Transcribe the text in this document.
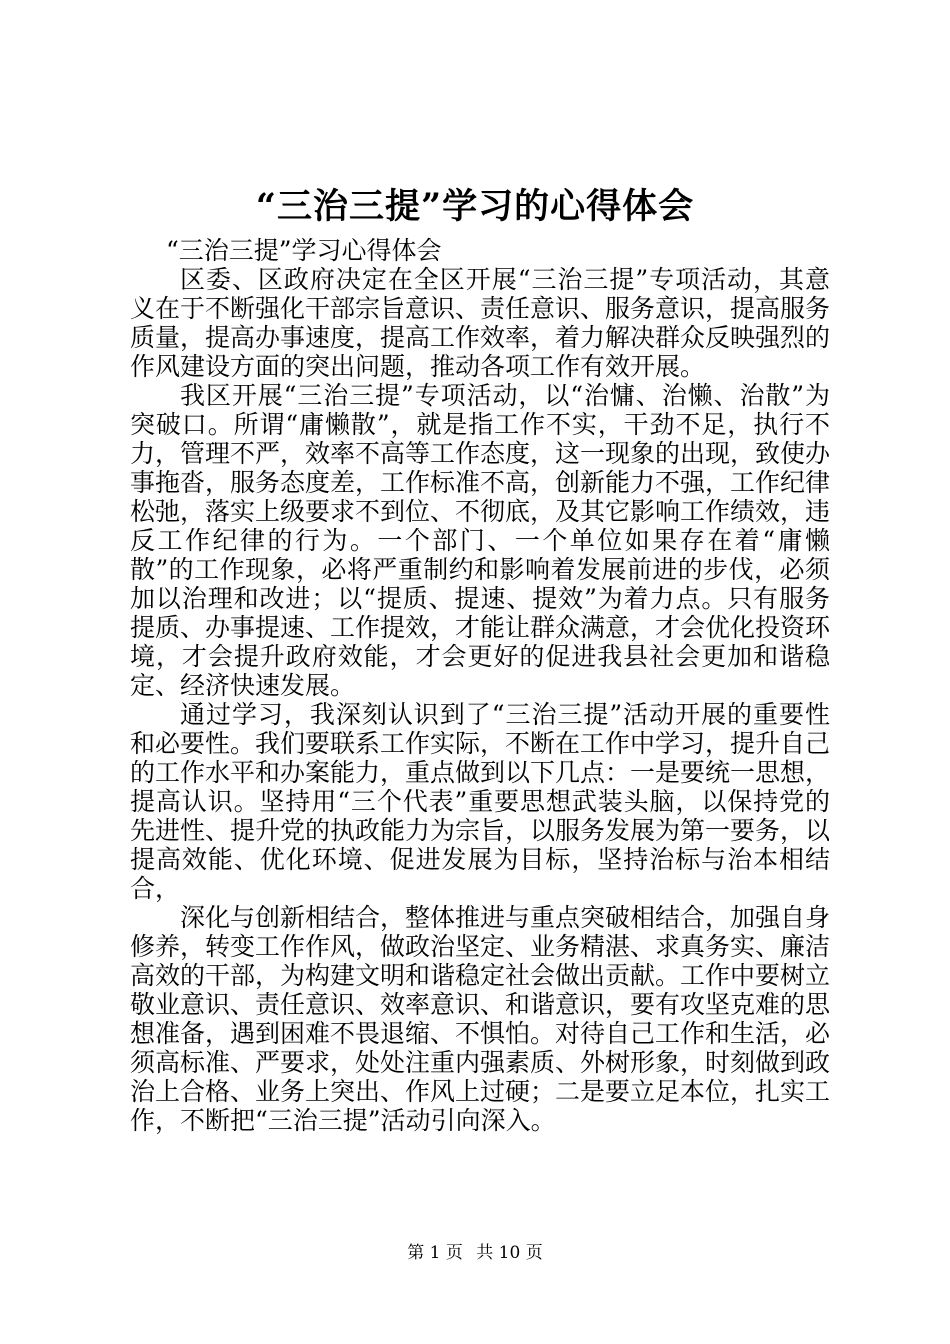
“三治三提”学习的心得体会

“三治三提”学习心得体会

区委、区政府决定在全区开展“三治三提”专项活动，其意义在于不断强化干部宗旨意识、责任意识、服务意识，提高服务质量，提高办事速度，提高工作效率，着力解决群众反映强烈的作风建设方面的突出问题，推动各项工作有效开展。

我区开展“三治三提”专项活动，以“治慵、治懒、治散”为突破口。所谓“庸懒散”，就是指工作不实，干劲不足，执行不力，管理不严，效率不高等工作态度，这一现象的出现，致使办事拖沓，服务态度差，工作标准不高，创新能力不强，工作纪律松弛，落实上级要求不到位、不彻底，及其它影响工作绩效，违反工作纪律的行为。一个部门、一个单位如果存在着“庸懒散”的工作现象，必将严重制约和影响着发展前进的步伐，必须加以治理和改进；以“提质、提速、提效”为着力点。只有服务提质、办事提速、工作提效，才能让群众满意，才会优化投资环境，才会提升政府效能，才会更好的促进我县社会更加和谐稳定、经济快速发展。

通过学习，我深刻认识到了“三治三提”活动开展的重要性和必要性。我们要联系工作实际，不断在工作中学习，提升自己的工作水平和办案能力，重点做到以下几点：一是要统一思想，提高认识。坚持用“三个代表”重要思想武装头脑，以保持党的先进性、提升党的执政能力为宗旨，以服务发展为第一要务，以提高效能、优化环境、促进发展为目标，坚持治标与治本相结合，

深化与创新相结合，整体推进与重点突破相结合，加强自身修养，转变工作作风，做政治坚定、业务精湛、求真务实、廉洁高效的干部，为构建文明和谐稳定社会做出贡献。工作中要树立敬业意识、责任意识、效率意识、和谐意识，要有攻坚克难的思想准备，遇到困难不畏退缩、不惧怕。对待自己工作和生活，必须高标准、严要求，处处注重内强素质、外树形象，时刻做到政治上合格、业务上突出、作风上过硬；二是要立足本位，扎实工作，不断把“三治三提”活动引向深入。

第 1 页 共 10 页
